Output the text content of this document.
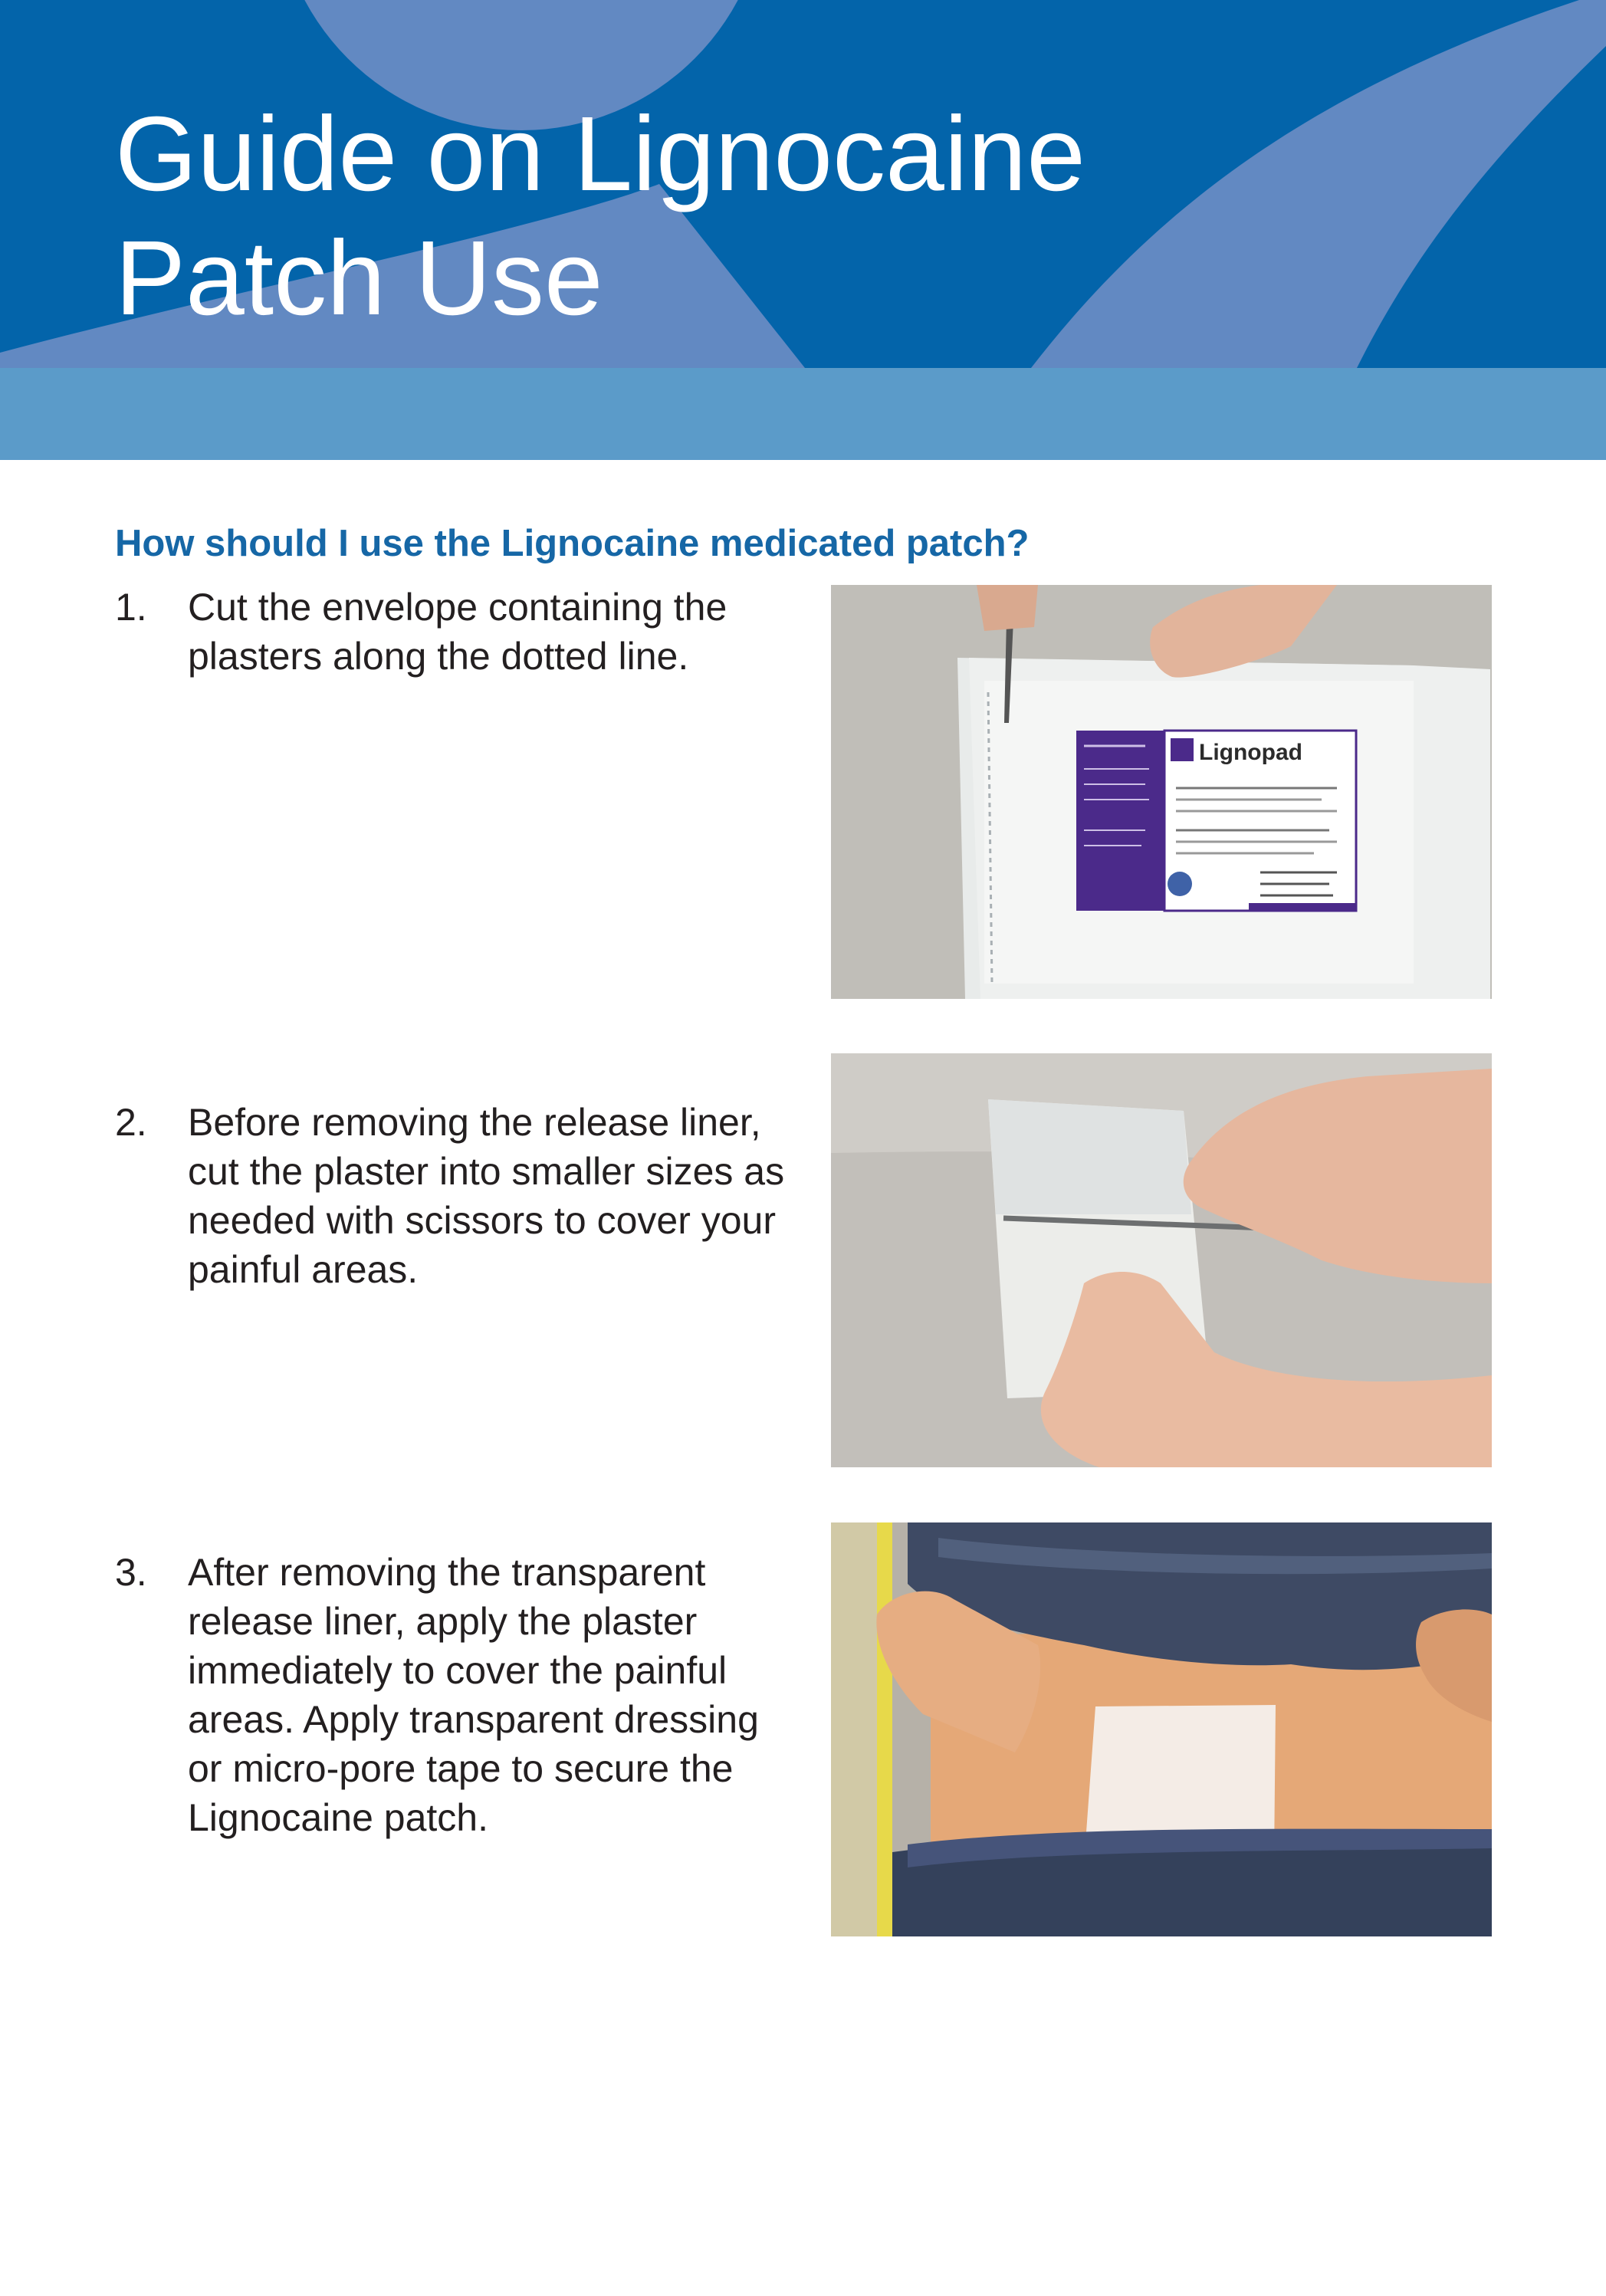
Guide on Lignocaine
Patch Use
How should I use the Lignocaine medicated patch?
1. Cut the envelope containing the plasters along the dotted line.
2. Before removing the release liner, cut the plaster into smaller sizes as needed with scissors to cover your painful areas.
3. After removing the transparent release liner, apply the plaster immediately to cover the painful areas. Apply transparent dressing or micro-pore tape to secure the Lignocaine patch.
Lignopad
